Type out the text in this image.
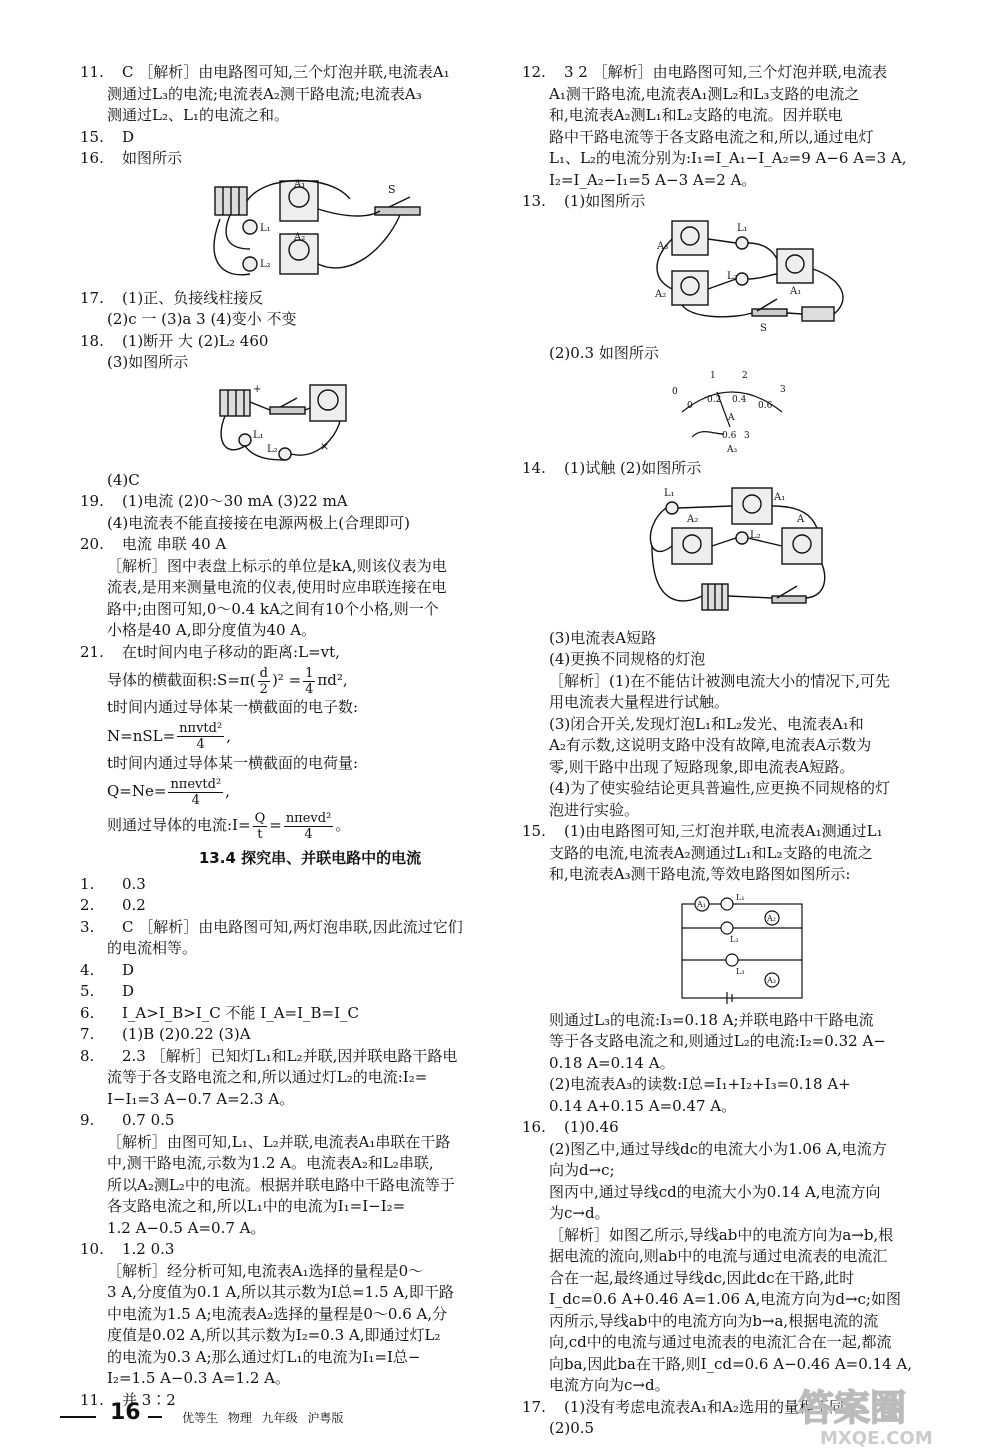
11. C ［解析］由电路图可知,三个灯泡并联,电流表A₁
测通过L₃的电流;电流表A₂测干路电流;电流表A₃
测通过L₂、L₁的电流之和。
15. D
16. 如图所示
A₁	S
L₁
A₂
L₂
17. (1)正、负接线柱接反
(2)c 一 (3)a 3 (4)变小 不变
18. (1)断开 大 (2)L₂ 460
(3)如图所示
+
L₁
L₂	×
(4)C
19. (1)电流 (2)0～30 mA (3)22 mA
(4)电流表不能直接接在电源两极上(合理即可)
20. 电流 串联 40 A
［解析］图中表盘上标示的单位是kA,则该仪表为电
流表,是用来测量电流的仪表,使用时应串联连接在电
路中;由图可知,0～0.4 kA之间有10个小格,则一个
小格是40 A,即分度值为40 A。
21. 在t时间内电子移动的距离:L=vt,
导体的横截面积:S=π( $\frac{d}{2} )^2 = \frac{1}{4} \pi d^2$,
t时间内通过导体某一横截面的电子数:
$N=nSL= \frac{\text{nπvtd²}}{4}$ ,
t时间内通过导体某一横截面的电荷量:
$Q=Ne= \frac{\text{nπevtd²}}{4}$ ,
则通过导体的电流:I= $\frac{Q}{t} = \frac{\text{nπevd²}}{4}$ 。
13.4 探究串、并联电路中的电流
1. 0.3
2. 0.2
3. C ［解析］由电路图可知,两灯泡串联,因此流过它们
的电流相等。
4. D
5. D
6. I_A>I_B>I_C 不能 I_A=I_B=I_C
7. (1)B (2)0.22 (3)A
8. 2.3 ［解析］已知灯L₁和L₂并联,因并联电路干路电
流等于各支路电流之和,所以通过灯L₂的电流:I₂=
I−I₁=3 A−0.7 A=2.3 A。
9. 0.7 0.5
［解析］由图可知,L₁、L₂并联,电流表A₁串联在干路
中,测干路电流,示数为1.2 A。电流表A₂和L₂串联,
所以A₂测L₂中的电流。根据并联电路中干路电流等于
各支路电流之和,所以L₁中的电流为I₁=I−I₂=
1.2 A−0.5 A=0.7 A。
10. 1.2 0.3
［解析］经分析可知,电流表A₁选择的量程是0～
3 A,分度值为0.1 A,所以其示数为I总=1.5 A,即干路
中电流为1.5 A;电流表A₂选择的量程是0～0.6 A,分
度值是0.02 A,所以其示数为I₂=0.3 A,即通过灯L₂
的电流为0.3 A;那么通过灯L₁的电流为I₁=I总−
I₂=1.5 A−0.3 A=1.2 A。
11. 并 3∶2
12. 3 2 ［解析］由电路图可知,三个灯泡并联,电流表
A₁测干路电流,电流表A₁测L₂和L₃支路的电流之
和,电流表A₂测L₁和L₂支路的电流。因并联电
路中干路电流等于各支路电流之和,所以,通过电灯
L₁、L₂的电流分别为:I₁=I_A₁−I_A₂=9 A−6 A=3 A,
I₂=I_A₂−I₁=5 A−3 A=2 A。
13. (1)如图所示
A₃
A₂
L₁
L₂
A₁
S
(2)0.3 如图所示
0
1	2
3
0.2 0.4
0.6
0
A
0.6 3
A₃
14. (1)试触 (2)如图所示
L₁	A₁
A₂
L₂
A
(3)电流表A短路
(4)更换不同规格的灯泡
［解析］(1)在不能估计被测电流大小的情况下,可先
用电流表大量程进行试触。
(3)闭合开关,发现灯泡L₁和L₂发光、电流表A₁和
A₂有示数,这说明支路中没有故障,电流表A示数为
零,则干路中出现了短路现象,即电流表A短路。
(4)为了使实验结论更具普遍性,应更换不同规格的灯
泡进行实验。
15. (1)由电路图可知,三灯泡并联,电流表A₁测通过L₁
支路的电流,电流表A₂测通过L₁和L₂支路的电流之
和,电流表A₃测干路电流,等效电路图如图所示:
A₁
L₁
A₂
L₂
L₃
A₃
则通过L₃的电流:I₃=0.18 A;并联电路中干路电流
等于各支路电流之和,则通过L₂的电流:I₂=0.32 A−
0.18 A=0.14 A。
(2)电流表A₃的读数:I总=I₁+I₂+I₃=0.18 A+
0.14 A+0.15 A=0.47 A。
16. (1)0.46
(2)图乙中,通过导线dc的电流大小为1.06 A,电流方
向为d→c;
图丙中,通过导线cd的电流大小为0.14 A,电流方向
为c→d。
［解析］如图乙所示,导线ab中的电流方向为a→b,根
据电流的流向,则ab中的电流与通过电流表的电流汇
合在一起,最终通过导线dc,因此dc在干路,此时
I_dc=0.6 A+0.46 A=1.06 A,电流方向为d→c;如图
丙所示,导线ab中的电流方向为b→a,根据电流的流
向,cd中的电流与通过电流表的电流汇合在一起,都流
向ba,因此ba在干路,则I_cd=0.6 A−0.46 A=0.14 A,
电流方向为c→d。
17. (1)没有考虑电流表A₁和A₂选用的量程不同
(2)0.5
16	优等生 物理 九年级 沪粤版	答案圈
MXQE.COM
